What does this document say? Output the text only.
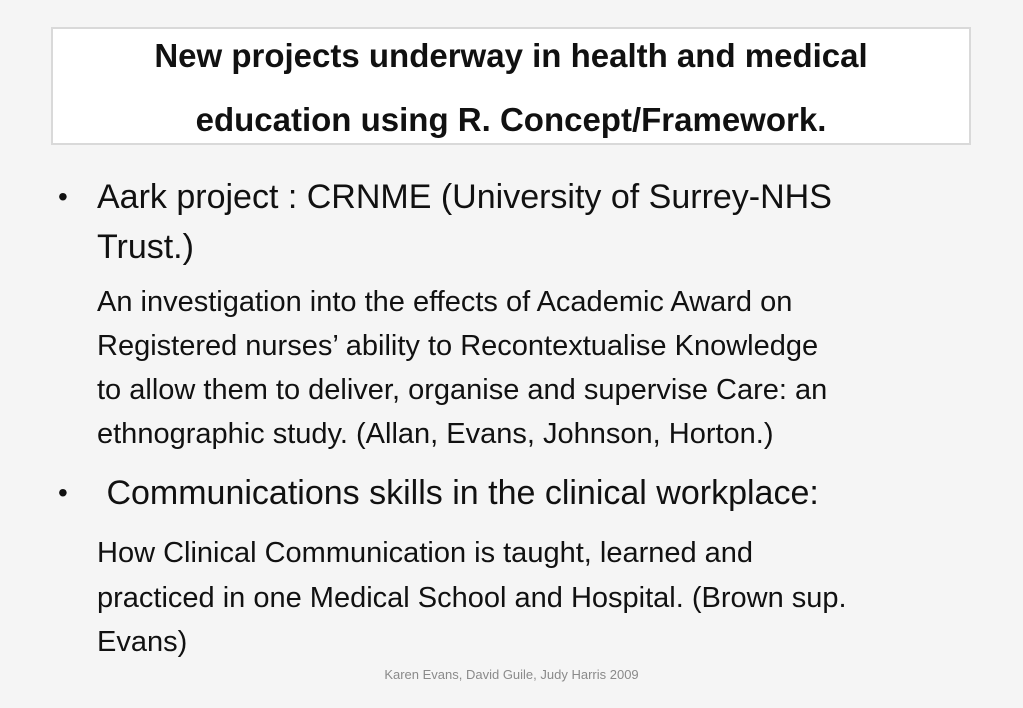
New projects underway in health and medical
education using R. Concept/Framework.
• Aark project : CRNME (University of Surrey-NHS
Trust.)
An investigation into the effects of Academic Award on
Registered nurses’ ability to Recontextualise Knowledge
to allow them to deliver, organise and supervise Care: an
ethnographic study. (Allan, Evans, Johnson, Horton.)
• Communications skills in the clinical workplace:
How Clinical Communication is taught, learned and
practiced in one Medical School and Hospital. (Brown sup.
Evans)
Karen Evans, David Guile, Judy Harris 2009
